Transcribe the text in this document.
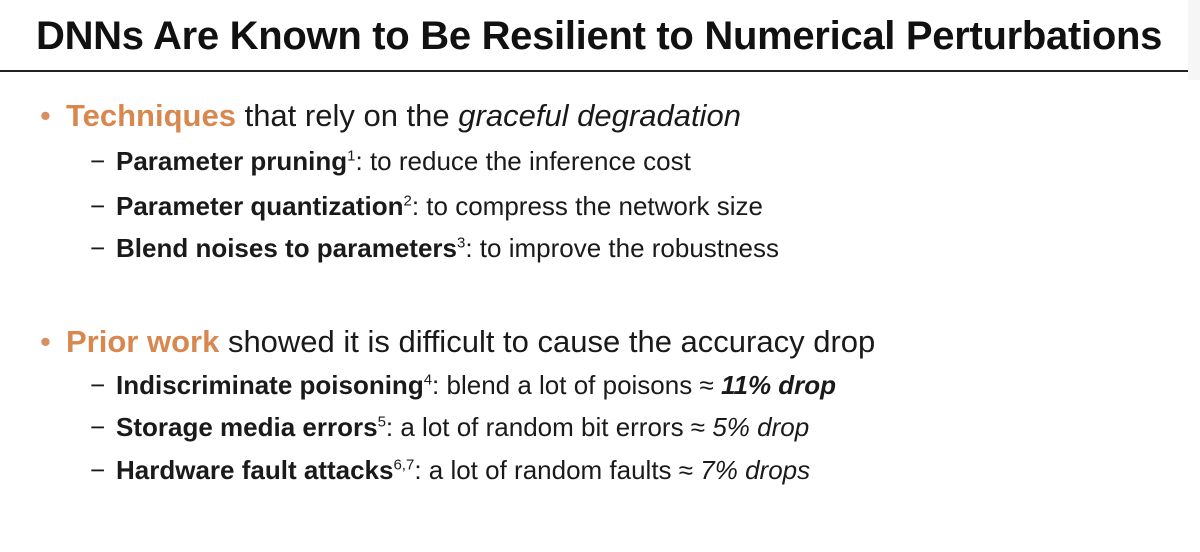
DNNs Are Known to Be Resilient to Numerical Perturbations
• Techniques that rely on the graceful degradation
− Parameter pruning$^1$: to reduce the inference cost
− Parameter quantization$^2$: to compress the network size
− Blend noises to parameters$^3$: to improve the robustness
• Prior work showed it is difficult to cause the accuracy drop
− Indiscriminate poisoning$^4$: blend a lot of poisons ≈ 11% drop
− Storage media errors$^5$: a lot of random bit errors ≈ 5% drop
− Hardware fault attacks$^{6,7}$: a lot of random faults ≈ 7% drops
